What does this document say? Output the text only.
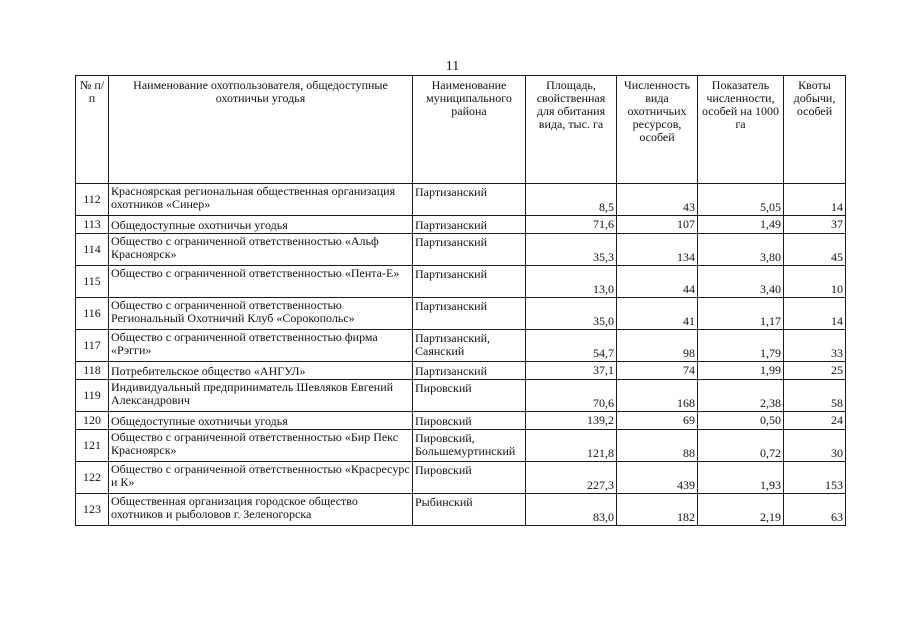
11
№ п/п	Наименование охотпользователя, общедоступные охотничьи угодья	Наименование муниципального района	Площадь, свойственная для обитания вида, тыс. га	Численность вида охотничьих ресурсов, особей	Показатель численности, особей на 1000 га	Квоты добычи, особей

112	Красноярская региональная общественная организация охотников «Синер»	Партизанский	8,5	43	5,05	14

113	Общедоступные охотничьи угодья	Партизанский	71,6	107	1,49	37

114	Общество с ограниченной ответственностью «Альф Красноярск»	Партизанский	35,3	134	3,80	45

115	Общество с ограниченной ответственностью «Пента-Е»	Партизанский	13,0	44	3,40	10

116	Общество с ограниченной ответственностью Региональный Охотничий Клуб «Сорокопольс»	Партизанский	35,0	41	1,17	14

117	Общество с ограниченной ответственностью фирма «Рэгги»	Партизанский,
Саянский	54,7	98	1,79	33

118	Потребительское общество «АНГУЛ»	Партизанский	37,1	74	1,99	25

119	Индивидуальный предприниматель Шевляков Евгений Александрович	Пировский	70,6	168	2,38	58

120	Общедоступные охотничьи угодья	Пировский	139,2	69	0,50	24

121	Общество с ограниченной ответственностью «Бир Пекс Красноярск»	Пировский,
Большемуртинский	121,8	88	0,72	30

122	Общество с ограниченной ответственностью «Красресурс и К»	Пировский	227,3	439	1,93	153

123	Общественная организация городское общество охотников и рыболовов г. Зеленогорска	Рыбинский	83,0	182	2,19	63
